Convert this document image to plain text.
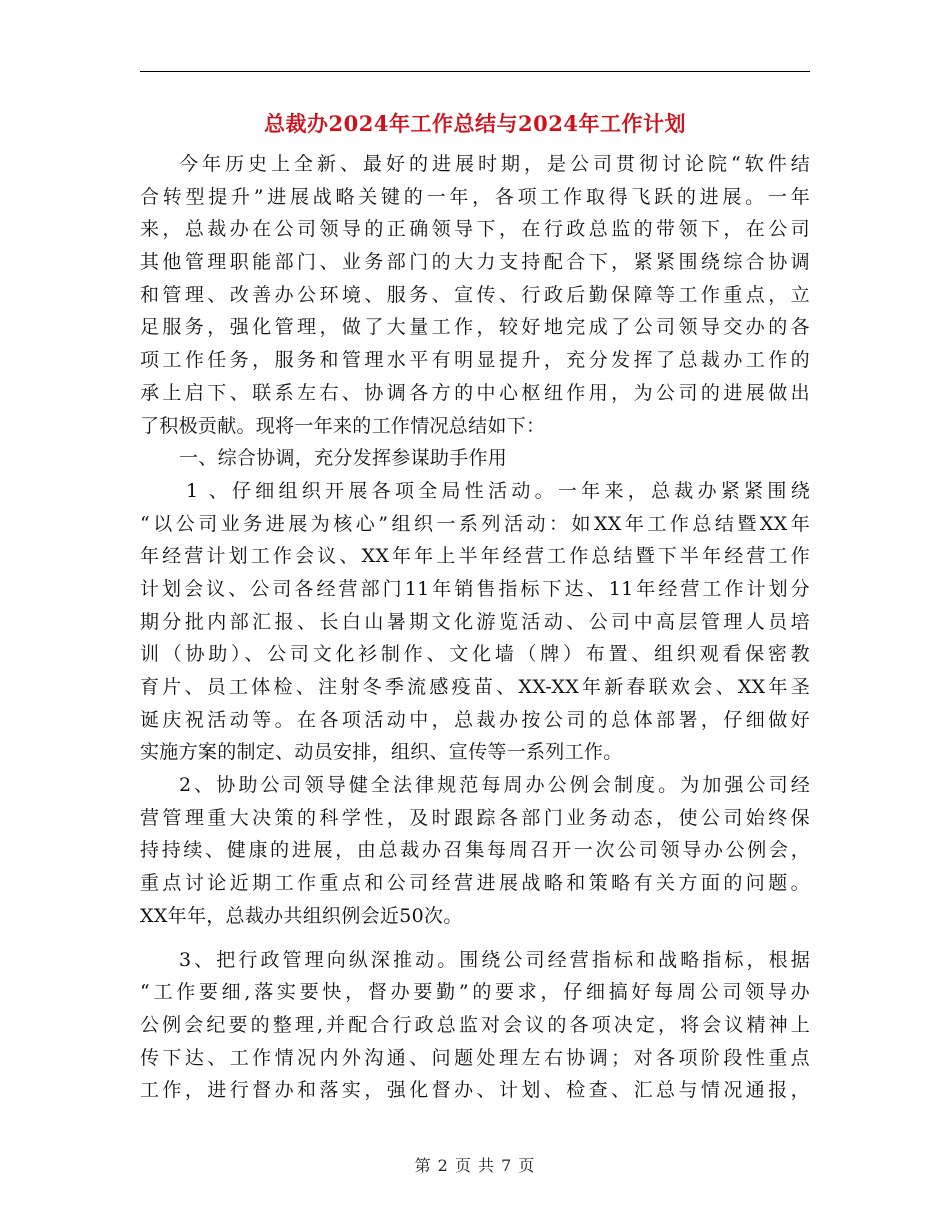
总裁办2024年工作总结与2024年工作计划
今年历史上全新、最好的进展时期，是公司贯彻讨论院“软件结
合转型提升”进展战略关键的一年，各项工作取得飞跃的进展。一年
来，总裁办在公司领导的正确领导下，在行政总监的带领下，在公司
其他管理职能部门、业务部门的大力支持配合下，紧紧围绕综合协调
和管理、改善办公环境、服务、宣传、行政后勤保障等工作重点，立
足服务，强化管理，做了大量工作，较好地完成了公司领导交办的各
项工作任务，服务和管理水平有明显提升，充分发挥了总裁办工作的
承上启下、联系左右、协调各方的中心枢纽作用，为公司的进展做出
了积极贡献。现将一年来的工作情况总结如下：
一、综合协调，充分发挥参谋助手作用
1 、仔细组织开展各项全局性活动。一年来，总裁办紧紧围绕
“以公司业务进展为核心”组织一系列活动：如XX年工作总结暨XX年
年经营计划工作会议、XX年年上半年经营工作总结暨下半年经营工作
计划会议、公司各经营部门11年销售指标下达、11年经营工作计划分
期分批内部汇报、长白山暑期文化游览活动、公司中高层管理人员培
训（协助）、公司文化衫制作、文化墙（牌）布置、组织观看保密教
育片、员工体检、注射冬季流感疫苗、XX-XX年新春联欢会、XX年圣
诞庆祝活动等。在各项活动中，总裁办按公司的总体部署，仔细做好
实施方案的制定、动员安排，组织、宣传等一系列工作。
2、协助公司领导健全法律规范每周办公例会制度。为加强公司经
营管理重大决策的科学性，及时跟踪各部门业务动态，使公司始终保
持持续、健康的进展，由总裁办召集每周召开一次公司领导办公例会，
重点讨论近期工作重点和公司经营进展战略和策略有关方面的问题。
XX年年，总裁办共组织例会近50次。
3、把行政管理向纵深推动。围绕公司经营指标和战略指标，根据
“工作要细,落实要快，督办要勤”的要求，仔细搞好每周公司领导办
公例会纪要的整理,并配合行政总监对会议的各项决定，将会议精神上
传下达、工作情况内外沟通、问题处理左右协调；对各项阶段性重点
工作，进行督办和落实，强化督办、计划、检查、汇总与情况通报，
第 2 页 共 7 页
